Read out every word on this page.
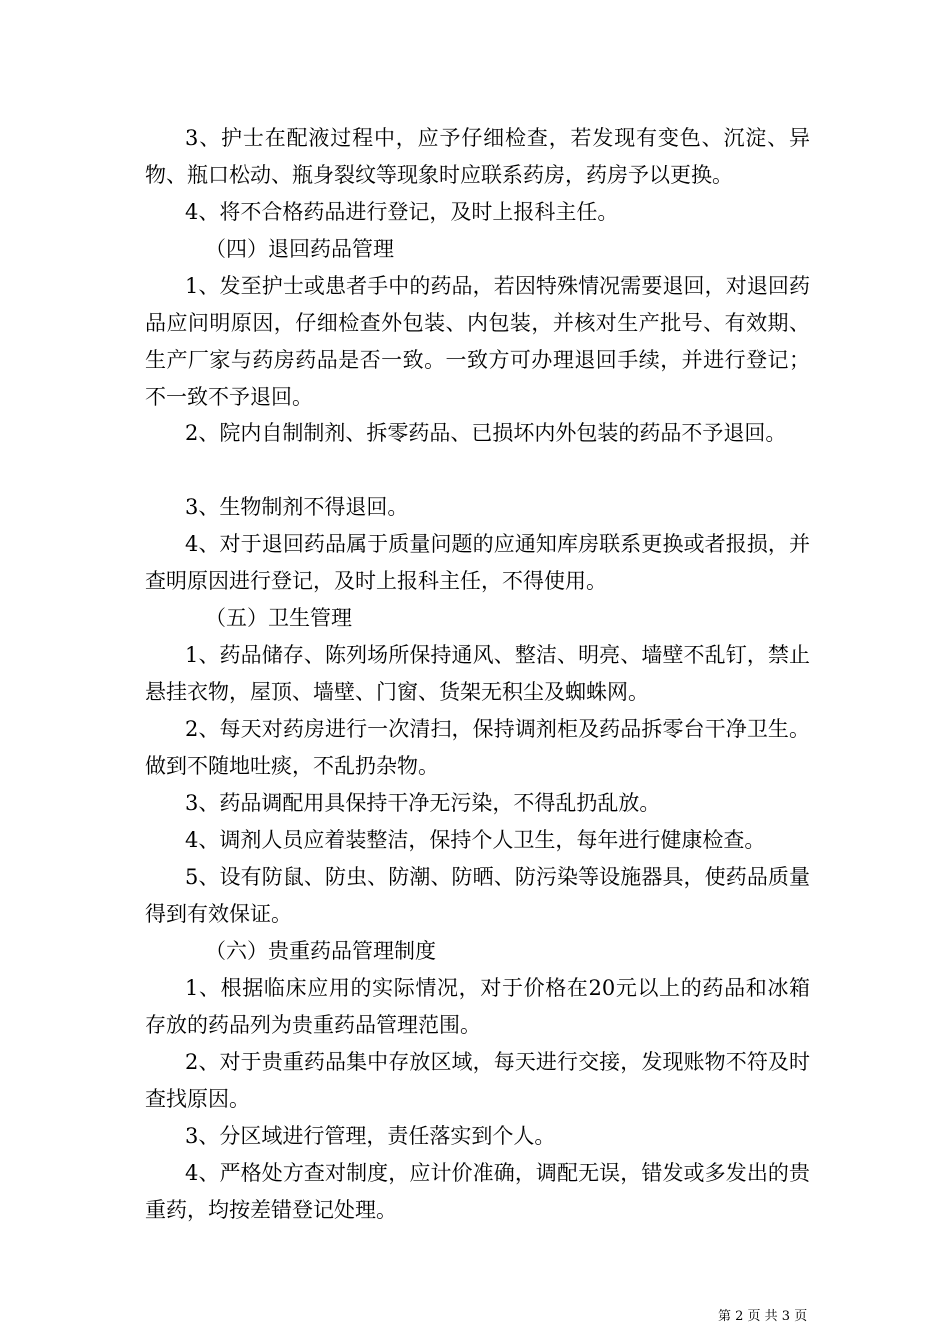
3、护士在配液过程中，应予仔细检查，若发现有变色、沉淀、异物、瓶口松动、瓶身裂纹等现象时应联系药房，药房予以更换。

4、将不合格药品进行登记，及时上报科主任。

（四）退回药品管理

1、发至护士或患者手中的药品，若因特殊情况需要退回，对退回药品应问明原因，仔细检查外包装、内包装，并核对生产批号、有效期、生产厂家与药房药品是否一致。一致方可办理退回手续，并进行登记；不一致不予退回。

2、院内自制制剂、拆零药品、已损坏内外包装的药品不予退回。

3、生物制剂不得退回。

4、对于退回药品属于质量问题的应通知库房联系更换或者报损，并查明原因进行登记，及时上报科主任，不得使用。

（五）卫生管理

1、药品储存、陈列场所保持通风、整洁、明亮、墙壁不乱钉，禁止悬挂衣物，屋顶、墙壁、门窗、货架无积尘及蜘蛛网。

2、每天对药房进行一次清扫，保持调剂柜及药品拆零台干净卫生。做到不随地吐痰，不乱扔杂物。

3、药品调配用具保持干净无污染，不得乱扔乱放。

4、调剂人员应着装整洁，保持个人卫生，每年进行健康检查。

5、设有防鼠、防虫、防潮、防晒、防污染等设施器具，使药品质量得到有效保证。

（六）贵重药品管理制度

1、根据临床应用的实际情况，对于价格在20元以上的药品和冰箱存放的药品列为贵重药品管理范围。

2、对于贵重药品集中存放区域，每天进行交接，发现账物不符及时查找原因。

3、分区域进行管理，责任落实到个人。

4、严格处方查对制度，应计价准确，调配无误，错发或多发出的贵重药，均按差错登记处理。

第 2 页 共 3 页
